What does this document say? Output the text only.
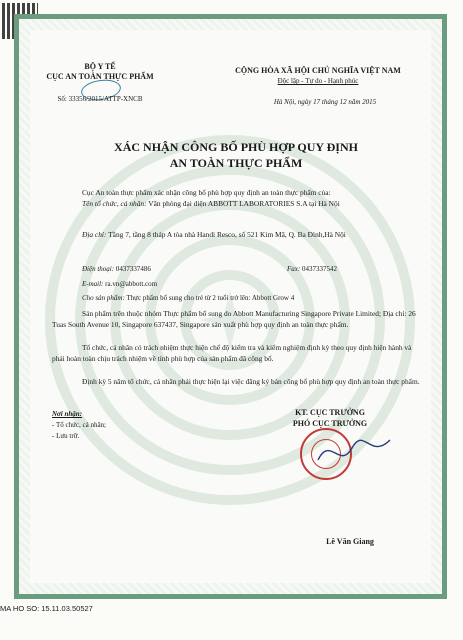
BỘ Y TẾ
CỤC AN TOÀN THỰC PHẨM
Số: 33356/2015/ATTP-XNCB
CỘNG HÒA XÃ HỘI CHỦ NGHĨA VIỆT NAM
Độc lập - Tự do - Hạnh phúc
Hà Nội, ngày 17 tháng 12 năm 2015
XÁC NHẬN CÔNG BỐ PHÙ HỢP QUY ĐỊNH
AN TOÀN THỰC PHẨM
Cục An toàn thực phẩm xác nhận công bố phù hợp quy định an toàn thực phẩm của:
Tên tổ chức, cá nhân: Văn phòng đại diện ABBOTT LABORATORIES S.A tại Hà Nội
Địa chỉ: Tầng 7, tầng 8 tháp A tòa nhà Handi Resco, số 521 Kim Mã, Q. Ba Đình,Hà Nội
Điện thoại: 0437337486	Fax: 0437337542
E-mail: ra.vn@abbott.com
Cho sản phẩm: Thực phẩm bổ sung cho trẻ từ 2 tuổi trở lên: Abbott Grow 4
Sản phẩm trên thuộc nhóm Thực phẩm bổ sung do Abbott Manufacturing Singapore Private Limited; Địa chỉ: 26 Tuas South Avenue 10, Singapore 637437, Singapore sản xuất phù hợp quy định an toàn thực phẩm.
Tổ chức, cá nhân có trách nhiệm thực hiện chế độ kiểm tra và kiểm nghiệm định kỳ theo quy định hiện hành và phải hoàn toàn chịu trách nhiệm về tính phù hợp của sản phẩm đã công bố.
Định kỳ 5 năm tổ chức, cá nhân phải thực hiện lại việc đăng ký bản công bố phù hợp quy định an toàn thực phẩm.
Nơi nhận:
- Tổ chức, cá nhân;
- Lưu trữ.
KT. CỤC TRƯỞNG
PHÓ CỤC TRƯỞNG
Lê Văn Giang
MA HO SO: 15.11.03.50527
